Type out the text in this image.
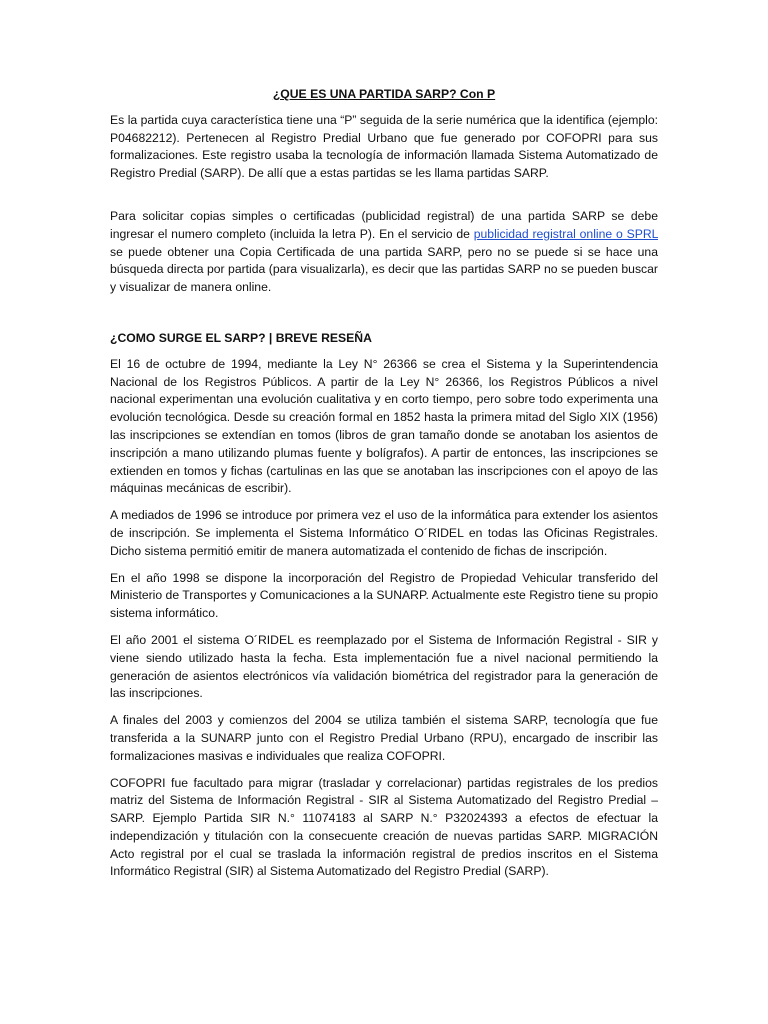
¿QUE ES UNA PARTIDA SARP? Con P

Es la partida cuya característica tiene una “P” seguida de la serie numérica que la identifica (ejemplo: P04682212). Pertenecen al Registro Predial Urbano que fue generado por COFOPRI para sus formalizaciones. Este registro usaba la tecnología de información llamada Sistema Automatizado de Registro Predial (SARP). De allí que a estas partidas se les llama partidas SARP.

Para solicitar copias simples o certificadas (publicidad registral) de una partida SARP se debe ingresar el numero completo (incluida la letra P). En el servicio de publicidad registral online o SPRL se puede obtener una Copia Certificada de una partida SARP, pero no se puede si se hace una búsqueda directa por partida (para visualizarla), es decir que las partidas SARP no se pueden buscar y visualizar de manera online.

¿COMO SURGE EL SARP? | BREVE RESEÑA

El 16 de octubre de 1994, mediante la Ley N° 26366 se crea el Sistema y la Superintendencia Nacional de los Registros Públicos. A partir de la Ley N° 26366, los Registros Públicos a nivel nacional experimentan una evolución cualitativa y en corto tiempo, pero sobre todo experimenta una evolución tecnológica. Desde su creación formal en 1852 hasta la primera mitad del Siglo XIX (1956) las inscripciones se extendían en tomos (libros de gran tamaño donde se anotaban los asientos de inscripción a mano utilizando plumas fuente y bolígrafos). A partir de entonces, las inscripciones se extienden en tomos y fichas (cartulinas en las que se anotaban las inscripciones con el apoyo de las máquinas mecánicas de escribir).

A mediados de 1996 se introduce por primera vez el uso de la informática para extender los asientos de inscripción. Se implementa el Sistema Informático O´RIDEL en todas las Oficinas Registrales. Dicho sistema permitió emitir de manera automatizada el contenido de fichas de inscripción.

En el año 1998 se dispone la incorporación del Registro de Propiedad Vehicular transferido del Ministerio de Transportes y Comunicaciones a la SUNARP. Actualmente este Registro tiene su propio sistema informático.

El año 2001 el sistema O´RIDEL es reemplazado por el Sistema de Información Registral - SIR y viene siendo utilizado hasta la fecha. Esta implementación fue a nivel nacional permitiendo la generación de asientos electrónicos vía validación biométrica del registrador para la generación de las inscripciones.

A finales del 2003 y comienzos del 2004 se utiliza también el sistema SARP, tecnología que fue transferida a la SUNARP junto con el Registro Predial Urbano (RPU), encargado de inscribir las formalizaciones masivas e individuales que realiza COFOPRI.

COFOPRI fue facultado para migrar (trasladar y correlacionar) partidas registrales de los predios matriz del Sistema de Información Registral - SIR al Sistema Automatizado del Registro Predial – SARP. Ejemplo Partida SIR N.° 11074183 al SARP N.° P32024393 a efectos de efectuar la independización y titulación con la consecuente creación de nuevas partidas SARP. MIGRACIÓN Acto registral por el cual se traslada la información registral de predios inscritos en el Sistema Informático Registral (SIR) al Sistema Automatizado del Registro Predial (SARP).
